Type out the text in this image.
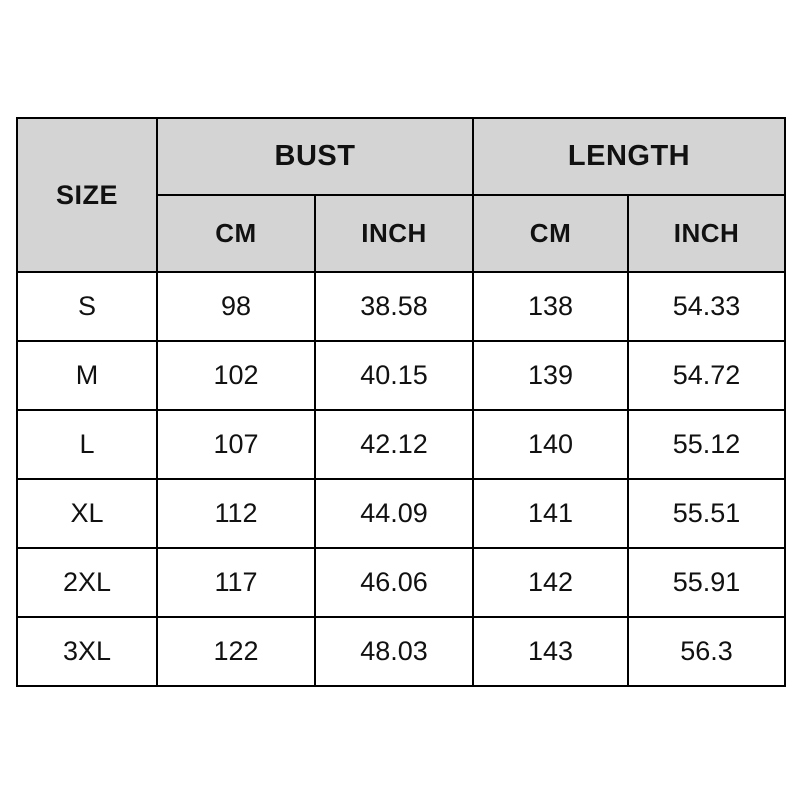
SIZE	BUST		LENGTH	
	CM	INCH	CM	INCH
S	98	38.58	138	54.33
M	102	40.15	139	54.72
L	107	42.12	140	55.12
XL	112	44.09	141	55.51
2XL	117	46.06	142	55.91
3XL	122	48.03	143	56.3
